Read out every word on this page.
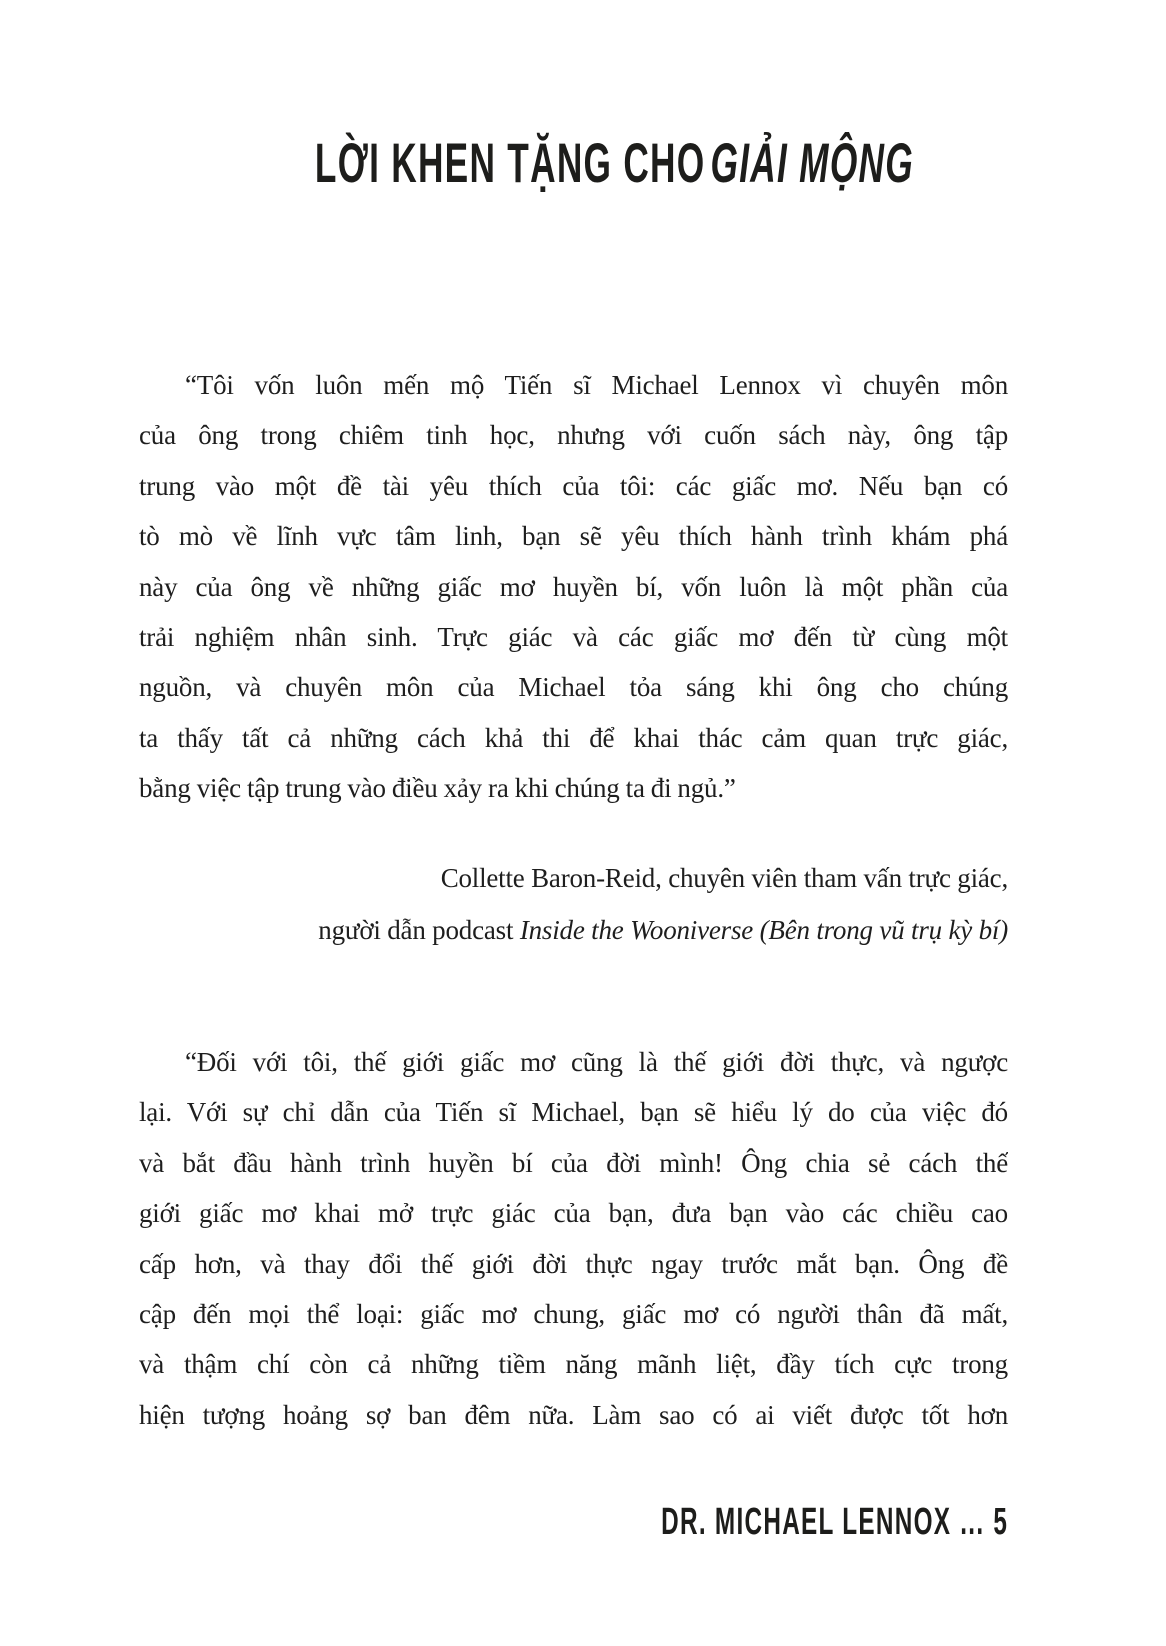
LỜI KHEN TẶNG CHOGIẢI MỘNG
“Tôi vốn luôn mến mộ Tiến sĩ Michael Lennox vì chuyên môn
của ông trong chiêm tinh học, nhưng với cuốn sách này, ông tập
trung vào một đề tài yêu thích của tôi: các giấc mơ. Nếu bạn có
tò mò về lĩnh vực tâm linh, bạn sẽ yêu thích hành trình khám phá
này của ông về những giấc mơ huyền bí, vốn luôn là một phần của
trải nghiệm nhân sinh. Trực giác và các giấc mơ đến từ cùng một
nguồn, và chuyên môn của Michael tỏa sáng khi ông cho chúng
ta thấy tất cả những cách khả thi để khai thác cảm quan trực giác,
bằng việc tập trung vào điều xảy ra khi chúng ta đi ngủ.”
Collette Baron-Reid, chuyên viên tham vấn trực giác,
người dẫn podcast Inside the Wooniverse (Bên trong vũ trụ kỳ bí)
“Đối với tôi, thế giới giấc mơ cũng là thế giới đời thực, và ngược
lại. Với sự chỉ dẫn của Tiến sĩ Michael, bạn sẽ hiểu lý do của việc đó
và bắt đầu hành trình huyền bí của đời mình! Ông chia sẻ cách thế
giới giấc mơ khai mở trực giác của bạn, đưa bạn vào các chiều cao
cấp hơn, và thay đổi thế giới đời thực ngay trước mắt bạn. Ông đề
cập đến mọi thể loại: giấc mơ chung, giấc mơ có người thân đã mất,
và thậm chí còn cả những tiềm năng mãnh liệt, đầy tích cực trong
hiện tượng hoảng sợ ban đêm nữa. Làm sao có ai viết được tốt hơn
DR. MICHAEL LENNOX ... 5
